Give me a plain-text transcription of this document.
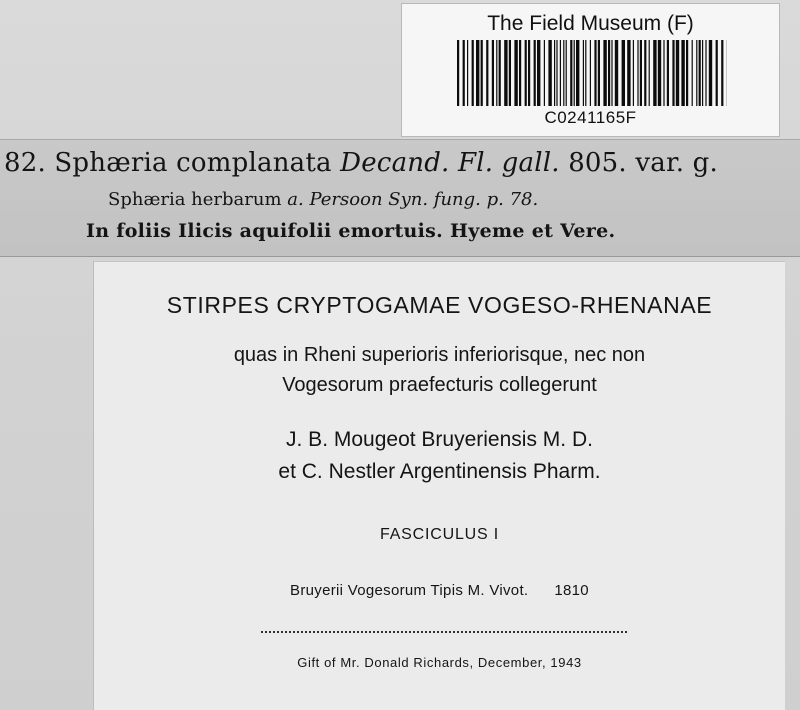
The Field Museum (F)
C0241165F
82. Sphæria complanata Decand. Fl. gall. 805. var. g.
Sphæria herbarum a. Persoon Syn. fung. p. 78.
In foliis Ilicis aquifolii emortuis. Hyeme et Vere.
STIRPES CRYPTOGAMAE VOGESO-RHENANAE
quas in Rheni superioris inferiorisque, nec non
Vogesorum praefecturis collegerunt
J. B. Mougeot Bruyeriensis M. D.
et C. Nestler Argentinensis Pharm.
FASCICULUS I
Bruyerii Vogesorum Tipis M. Vivot. 1810
Gift of Mr. Donald Richards, December, 1943
